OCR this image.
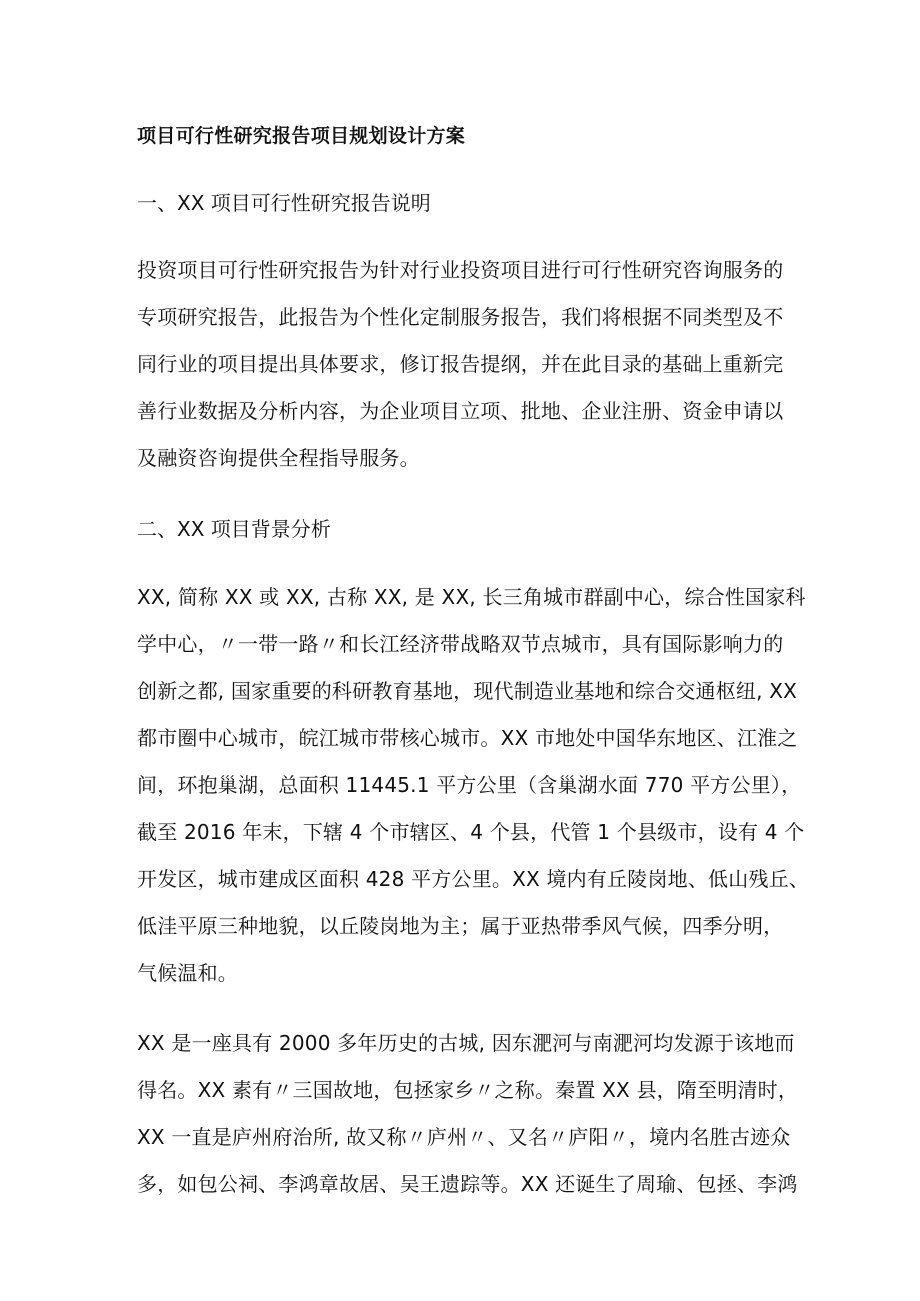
项目可行性研究报告项目规划设计方案
一、XX 项目可行性研究报告说明
投资项目可行性研究报告为针对行业投资项目进行可行性研究咨询服务的
专项研究报告，此报告为个性化定制服务报告，我们将根据不同类型及不
同行业的项目提出具体要求，修订报告提纲，并在此目录的基础上重新完
善行业数据及分析内容，为企业项目立项、批地、企业注册、资金申请以
及融资咨询提供全程指导服务。
二、XX 项目背景分析
XX, 简称 XX 或 XX, 古称 XX, 是 XX, 长三角城市群副中心，综合性国家科
学中心，〃一带一路〃和长江经济带战略双节点城市，具有国际影响力的
创新之都, 国家重要的科研教育基地，现代制造业基地和综合交通枢纽, XX
都市圈中心城市，皖江城市带核心城市。XX 市地处中国华东地区、江淮之
间，环抱巢湖，总面积 11445.1 平方公里（含巢湖水面 770 平方公里），
截至 2016 年末，下辖 4 个市辖区、4 个县，代管 1 个县级市，设有 4 个
开发区，城市建成区面积 428 平方公里。XX 境内有丘陵岗地、低山残丘、
低洼平原三种地貌，以丘陵岗地为主；属于亚热带季风气候，四季分明，
气候温和。
XX 是一座具有 2000 多年历史的古城, 因东淝河与南淝河均发源于该地而
得名。XX 素有〃三国故地，包拯家乡〃之称。秦置 XX 县，隋至明清时，
XX 一直是庐州府治所, 故又称〃庐州〃、又名〃庐阳〃，境内名胜古迹众
多，如包公祠、李鸿章故居、吴王遗踪等。XX 还诞生了周瑜、包拯、李鸿
